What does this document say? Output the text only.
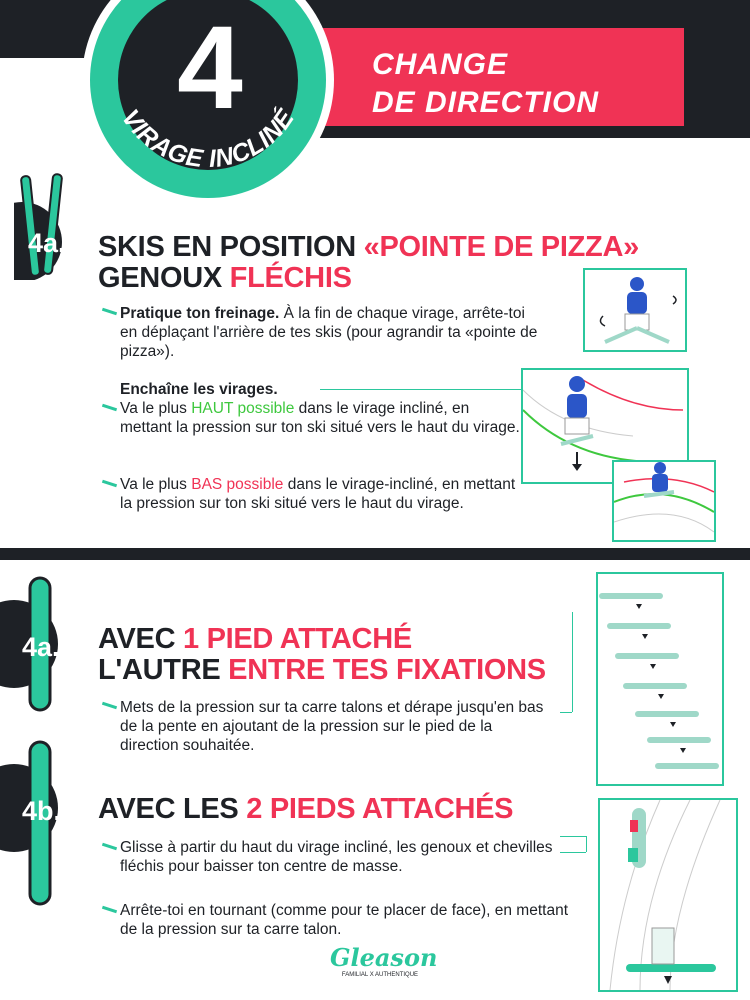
CHANGE
DE DIRECTION
VIRAGE INCLINÉ
4
4a. SKIS EN POSITION «POINTE DE PIZZA»
GENOUX FLÉCHIS
Pratique ton freinage. À la fin de chaque virage, arrête-toi en déplaçant l'arrière de tes skis (pour agrandir ta «pointe de pizza»).
Enchaîne les virages.
Va le plus HAUT possible dans le virage incliné, en mettant la pression sur ton ski situé vers le haut du virage.
Va le plus BAS possible dans le virage-incliné, en mettant la pression sur ton ski situé vers le haut du virage.
4a. AVEC 1 PIED ATTACHÉ
L'AUTRE ENTRE TES FIXATIONS
Mets de la pression sur ta carre talons et dérape jusqu'en bas de la pente en ajoutant de la pression sur le pied de la direction souhaitée.
4b. AVEC LES 2 PIEDS ATTACHÉS
Glisse à partir du haut du virage incliné, les genoux et chevilles fléchis pour baisser ton centre de masse.
Arrête-toi en tournant (comme pour te placer de face), en mettant de la pression sur ta carre talon.
Gleason
FAMILIAL X AUTHENTIQUE
